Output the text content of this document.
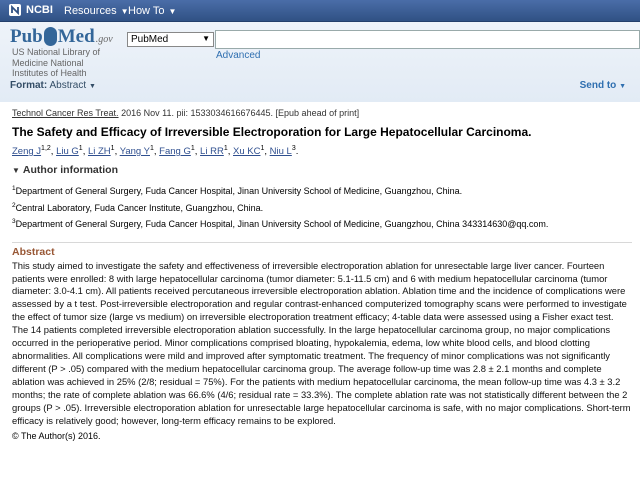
NCBI Resources ▼ How To ▼
Pub Med.gov
US National Library of
Medicine National
Institutes of Health
PubMed	▼
Advanced
Format: Abstract ▼	Send to ▼
Technol Cancer Res Treat. 2016 Nov 11. pii: 1533034616676445. [Epub ahead of print]
The Safety and Efficacy of Irreversible Electroporation for Large Hepatocellular Carcinoma.
Zeng J$^{1,2}$, Liu $G^1$, Li $ZH^1$, Yang $Y^1$, Fang $G^1$, Li $RR^1$, Xu $KC^1$, Niu $L^3$.
▼ Author information
$^1$Department of General Surgery, Fuda Cancer Hospital, Jinan University School of Medicine, Guangzhou, China.
$^2$Central Laboratory, Fuda Cancer Institute, Guangzhou, China.
$^3$Department of General Surgery, Fuda Cancer Hospital, Jinan University School of Medicine, Guangzhou, China 343314630@qq.com.
Abstract
This study aimed to investigate the safety and effectiveness of irreversible electroporation ablation for unresectable large liver cancer. Fourteen patients were enrolled: 8 with large hepatocellular carcinoma (tumor diameter: 5.1-11.5 cm) and 6 with medium hepatocellular carcinoma (tumor diameter: 3.0-4.1 cm). All patients received percutaneous irreversible electroporation ablation. Ablation time and the incidence of complications were assessed by a t test. Post-irreversible electroporation and regular contrast-enhanced computerized tomography scans were performed to investigate the effect of tumor size (large vs medium) on irreversible electroporation treatment efficacy; 4-table data were assessed using a Fisher exact test. The 14 patients completed irreversible electroporation ablation successfully. In the large hepatocellular carcinoma group, no major complications occurred in the perioperative period. Minor complications comprised bloating, hypokalemia, edema, low white blood cells, and blood clotting abnormalities. All complications were mild and improved after symptomatic treatment. The frequency of minor complications was not significantly different (P > .05) compared with the medium hepatocellular carcinoma group. The average follow-up time was 2.8 ± 2.1 months and complete ablation was achieved in 25% (2/8; residual = 75%). For the patients with medium hepatocellular carcinoma, the mean follow-up time was 4.3 ± 3.2 months; the rate of complete ablation was 66.6% (4/6; residual rate = 33.3%). The complete ablation rate was not statistically different between the 2 groups (P > .05). Irreversible electroporation ablation for unresectable large hepatocellular carcinoma is safe, with no major complications. Short-term efficacy is relatively good; however, long-term efficacy remains to be explored.
© The Author(s) 2016.
